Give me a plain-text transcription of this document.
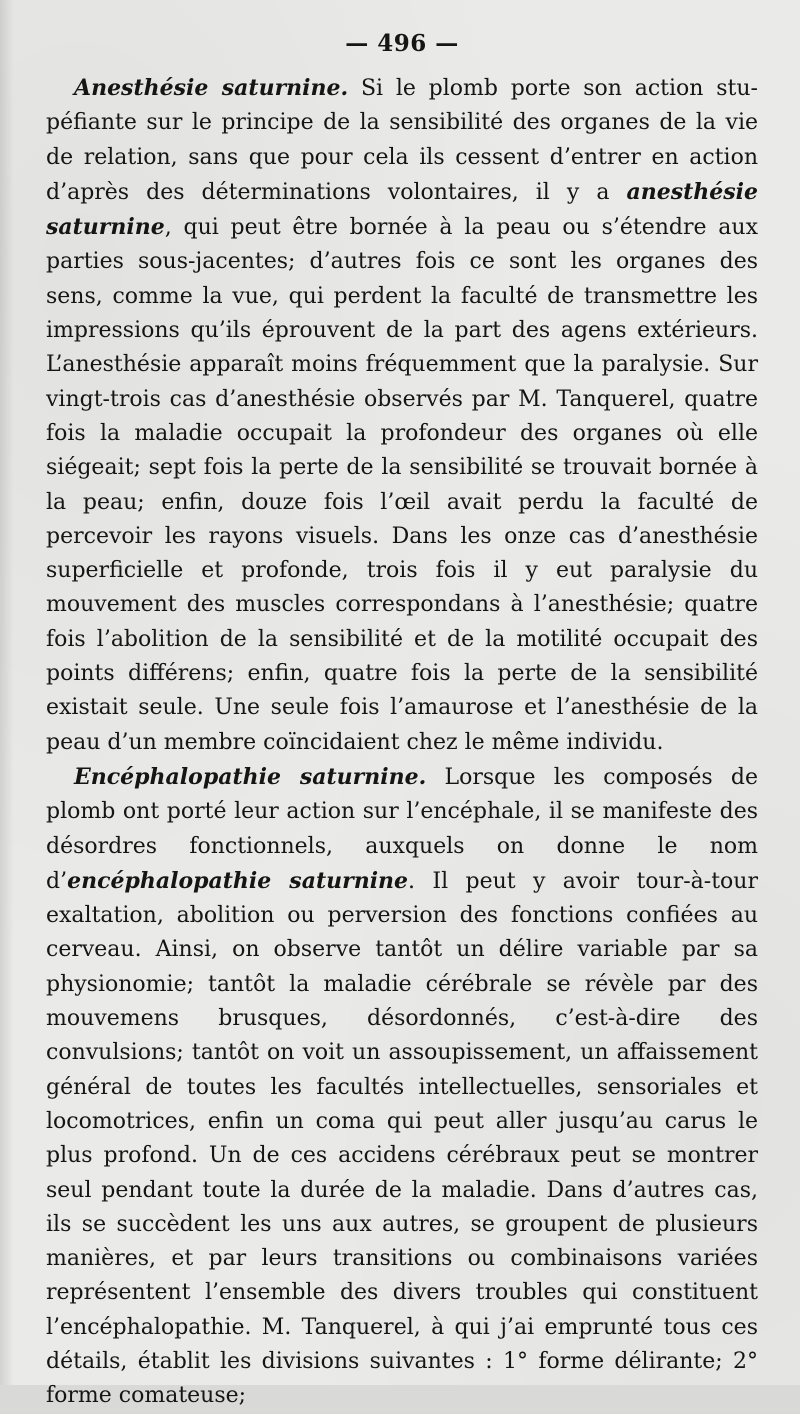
— 496 —

Anesthésie saturnine. Si le plomb porte son action stupéfiante sur le principe de la sensibilité des organes de la vie de relation, sans que pour cela ils cessent d’entrer en action d’après des déterminations volontaires, il y a anesthésie saturnine, qui peut être bornée à la peau ou s’étendre aux parties sous-jacentes; d’autres fois ce sont les organes des sens, comme la vue, qui perdent la faculté de transmettre les impressions qu’ils éprouvent de la part des agens extérieurs. L’anesthésie apparaît moins fréquemment que la paralysie. Sur vingt-trois cas d’anesthésie observés par M. Tanquerel, quatre fois la maladie occupait la profondeur des organes où elle siégeait; sept fois la perte de la sensibilité se trouvait bornée à la peau; enfin, douze fois l’œil avait perdu la faculté de percevoir les rayons visuels. Dans les onze cas d’anesthésie superficielle et profonde, trois fois il y eut paralysie du mouvement des muscles correspondans à l’anesthésie; quatre fois l’abolition de la sensibilité et de la motilité occupait des points différens; enfin, quatre fois la perte de la sensibilité existait seule. Une seule fois l’amaurose et l’anesthésie de la peau d’un membre coïncidaient chez le même individu.

Encéphalopathie saturnine. Lorsque les composés de plomb ont porté leur action sur l’encéphale, il se manifeste des désordres fonctionnels, auxquels on donne le nom d’encéphalopathie saturnine. Il peut y avoir tour-à-tour exaltation, abolition ou perversion des fonctions confiées au cerveau. Ainsi, on observe tantôt un délire variable par sa physionomie; tantôt la maladie cérébrale se révèle par des mouvemens brusques, désordonnés, c’est-à-dire des convulsions; tantôt on voit un assoupissement, un affaissement général de toutes les facultés intellectuelles, sensoriales et locomotrices, enfin un coma qui peut aller jusqu’au carus le plus profond. Un de ces accidens cérébraux peut se montrer seul pendant toute la durée de la maladie. Dans d’autres cas, ils se succèdent les uns aux autres, se groupent de plusieurs manières, et par leurs transitions ou combinaisons variées représentent l’ensemble des divers troubles qui constituent l’encéphalopathie. M. Tanquerel, à qui j’ai emprunté tous ces détails, établit les divisions suivantes : 1° forme délirante; 2° forme comateuse;
